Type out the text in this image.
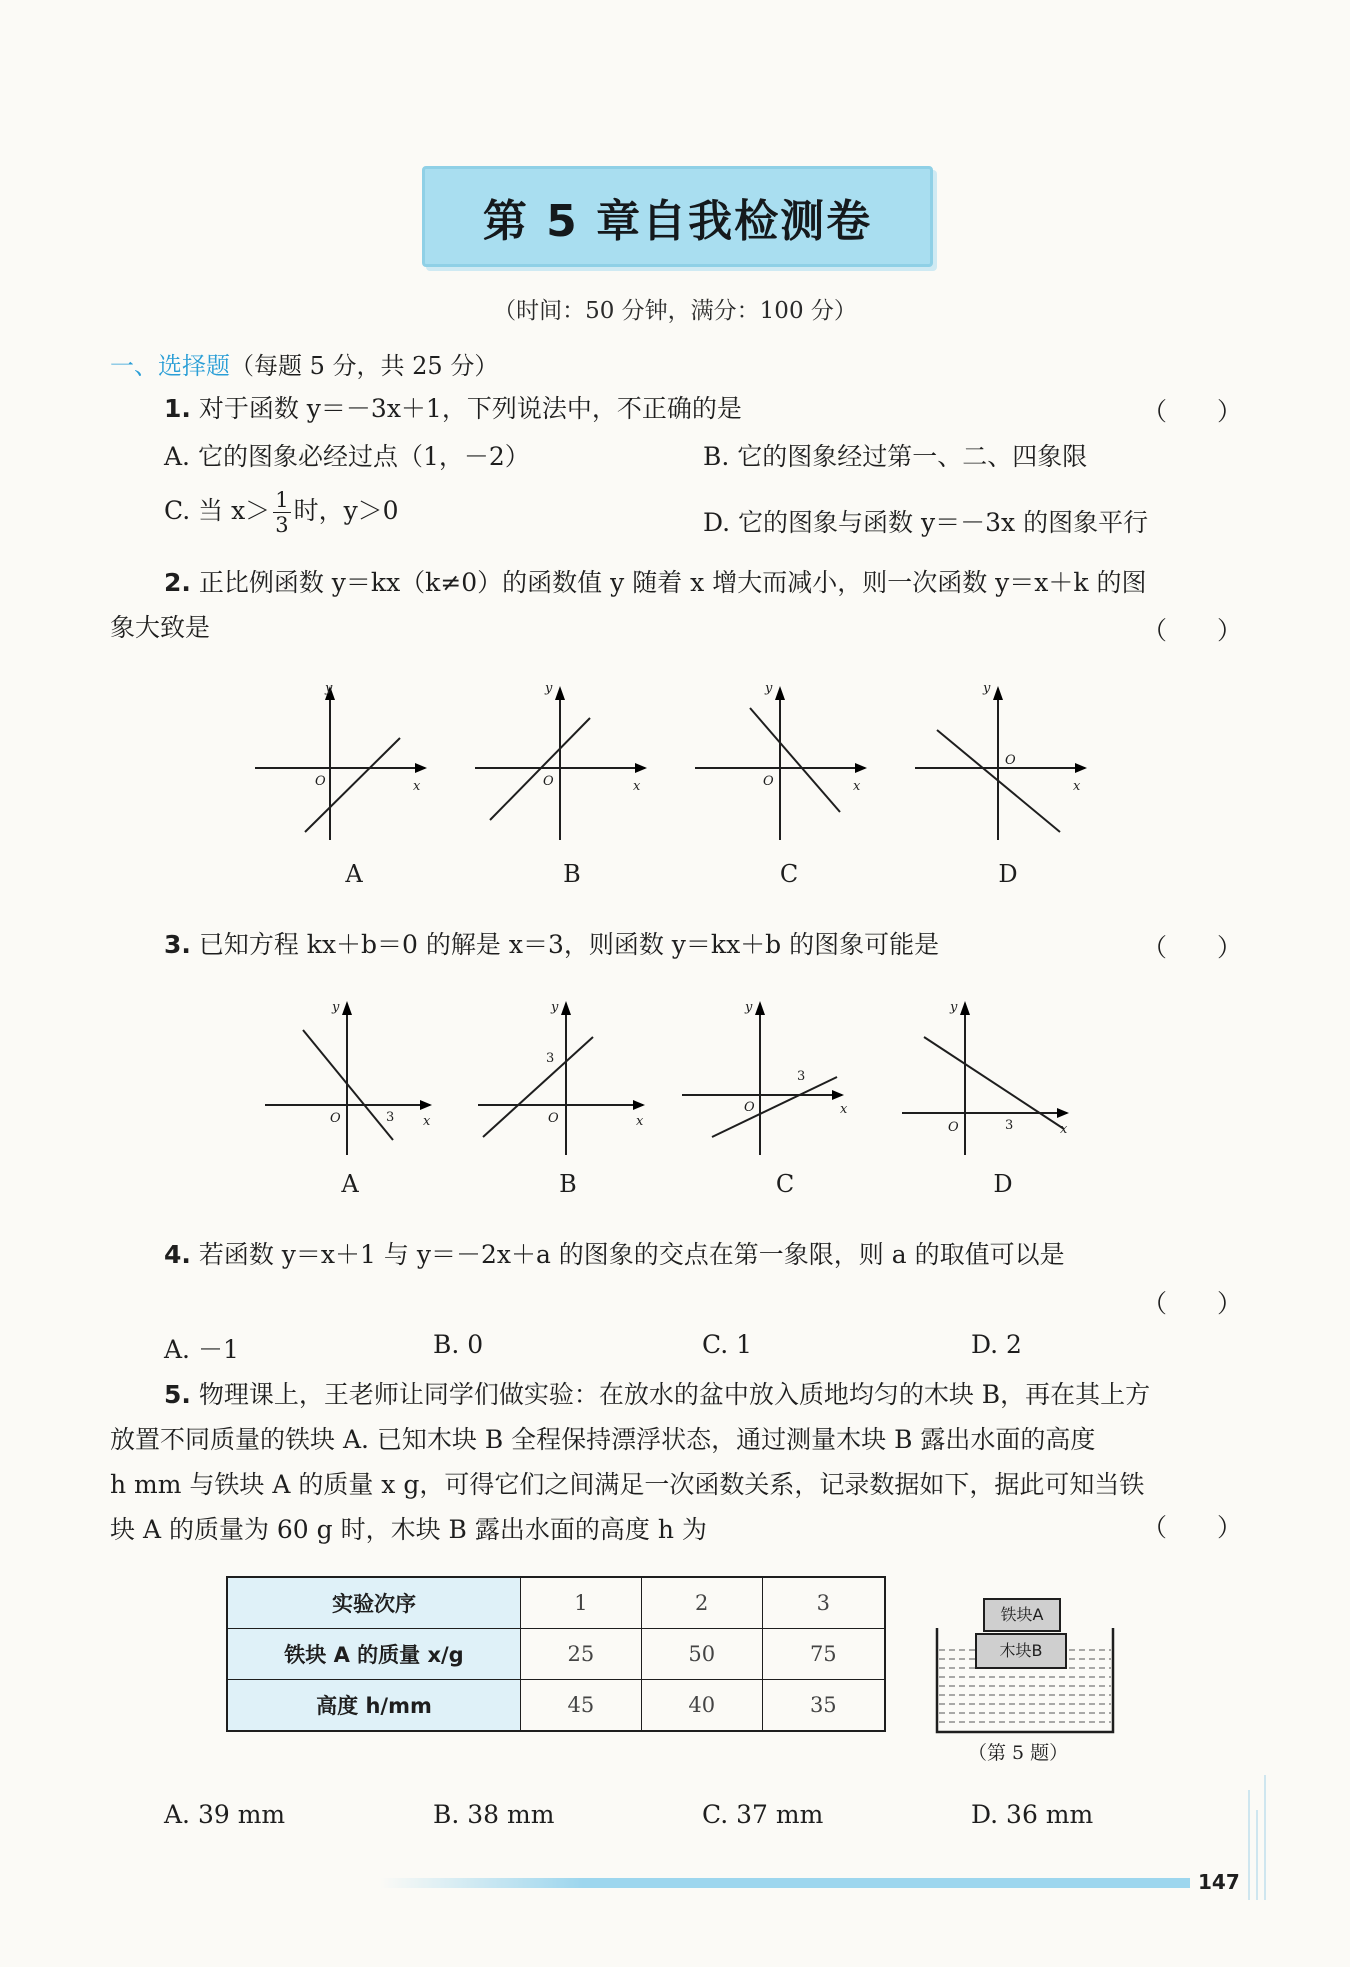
第 5 章自我检测卷
（时间：50 分钟，满分：100 分）
一、选择题（每题 5 分，共 25 分）
1. 对于函数 y＝－3x＋1，下列说法中，不正确的是	（　　）
A. 它的图象必经过点（1，－2）	B. 它的图象经过第一、二、四象限
C. 当 $x> \frac{1}{3}$ 时，y＞0	D. 它的图象与函数 y＝－3x 的图象平行
2. 正比例函数 y＝kx（k≠0）的函数值 y 随着 x 增大而减小，则一次函数 y＝x＋k 的图
象大致是	（　　）
y
x
O
y
x
O
y
x
O
y
x
O
A	B	C	D
3. 已知方程 kx＋b＝0 的解是 x＝3，则函数 y＝kx＋b 的图象可能是	（　　）
y
x
O	3
y
x
O
3
y
x
O
3
y
x
O	3
A	B	C	D
4. 若函数 y＝x＋1 与 y＝－2x＋a 的图象的交点在第一象限，则 a 的取值可以是
（　　）
A. －1	B. 0	C. 1	D. 2
5. 物理课上，王老师让同学们做实验：在放水的盆中放入质地均匀的木块 B，再在其上方
放置不同质量的铁块 A. 已知木块 B 全程保持漂浮状态，通过测量木块 B 露出水面的高度
h mm 与铁块 A 的质量 x g，可得它们之间满足一次函数关系，记录数据如下，据此可知当铁
块 A 的质量为 60 g 时，木块 B 露出水面的高度 h 为	（　　）
实验次序	1	2	3
铁块 A 的质量 x/g	25	50	75
高度 h/mm	45	40	35
铁块A
木块B
（第 5 题）
A. 39 mm	B. 38 mm	C. 37 mm	D. 36 mm
147
